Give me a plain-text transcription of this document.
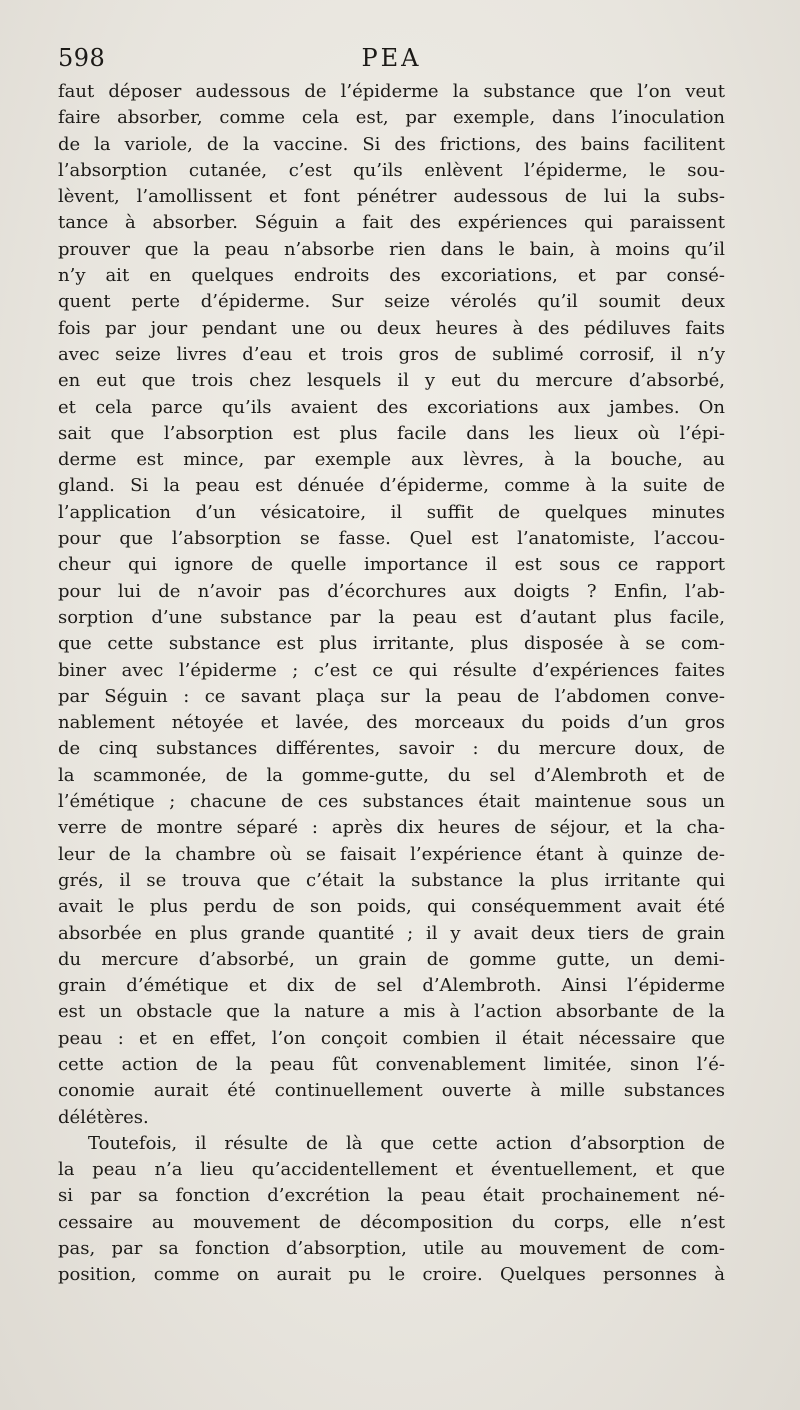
598	PEA
faut déposer audessous de l’épiderme la substance que l’on veut
faire absorber, comme cela est, par exemple, dans l’inoculation
de la variole, de la vaccine. Si des frictions, des bains facilitent
l’absorption cutanée, c’est qu’ils enlèvent l’épiderme, le sou-
lèvent, l’amollissent et font pénétrer audessous de lui la subs-
tance à absorber. Séguin a fait des expériences qui paraissent
prouver que la peau n’absorbe rien dans le bain, à moins qu’il
n’y ait en quelques endroits des excoriations, et par consé-
quent perte d’épiderme. Sur seize vérolés qu’il soumit deux
fois par jour pendant une ou deux heures à des pédiluves faits
avec seize livres d’eau et trois gros de sublimé corrosif, il n’y
en eut que trois chez lesquels il y eut du mercure d’absorbé,
et cela parce qu’ils avaient des excoriations aux jambes. On
sait que l’absorption est plus facile dans les lieux où l’épi-
derme est mince, par exemple aux lèvres, à la bouche, au
gland. Si la peau est dénuée d’épiderme, comme à la suite de
l’application d’un vésicatoire, il suffit de quelques minutes
pour que l’absorption se fasse. Quel est l’anatomiste, l’accou-
cheur qui ignore de quelle importance il est sous ce rapport
pour lui de n’avoir pas d’écorchures aux doigts ? Enfin, l’ab-
sorption d’une substance par la peau est d’autant plus facile,
que cette substance est plus irritante, plus disposée à se com-
biner avec l’épiderme ; c’est ce qui résulte d’expériences faites
par Séguin : ce savant plaça sur la peau de l’abdomen conve-
nablement nétoyée et lavée, des morceaux du poids d’un gros
de cinq substances différentes, savoir : du mercure doux, de
la scammonée, de la gomme-gutte, du sel d’Alembroth et de
l’émétique ; chacune de ces substances était maintenue sous un
verre de montre séparé : après dix heures de séjour, et la cha-
leur de la chambre où se faisait l’expérience étant à quinze de-
grés, il se trouva que c’était la substance la plus irritante qui
avait le plus perdu de son poids, qui conséquemment avait été
absorbée en plus grande quantité ; il y avait deux tiers de grain
du mercure d’absorbé, un grain de gomme gutte, un demi-
grain d’émétique et dix de sel d’Alembroth. Ainsi l’épiderme
est un obstacle que la nature a mis à l’action absorbante de la
peau : et en effet, l’on conçoit combien il était nécessaire que
cette action de la peau fût convenablement limitée, sinon l’é-
conomie aurait été continuellement ouverte à mille substances
délétères.
Toutefois, il résulte de là que cette action d’absorption de
la peau n’a lieu qu’accidentellement et éventuellement, et que
si par sa fonction d’excrétion la peau était prochainement né-
cessaire au mouvement de décomposition du corps, elle n’est
pas, par sa fonction d’absorption, utile au mouvement de com-
position, comme on aurait pu le croire. Quelques personnes à
